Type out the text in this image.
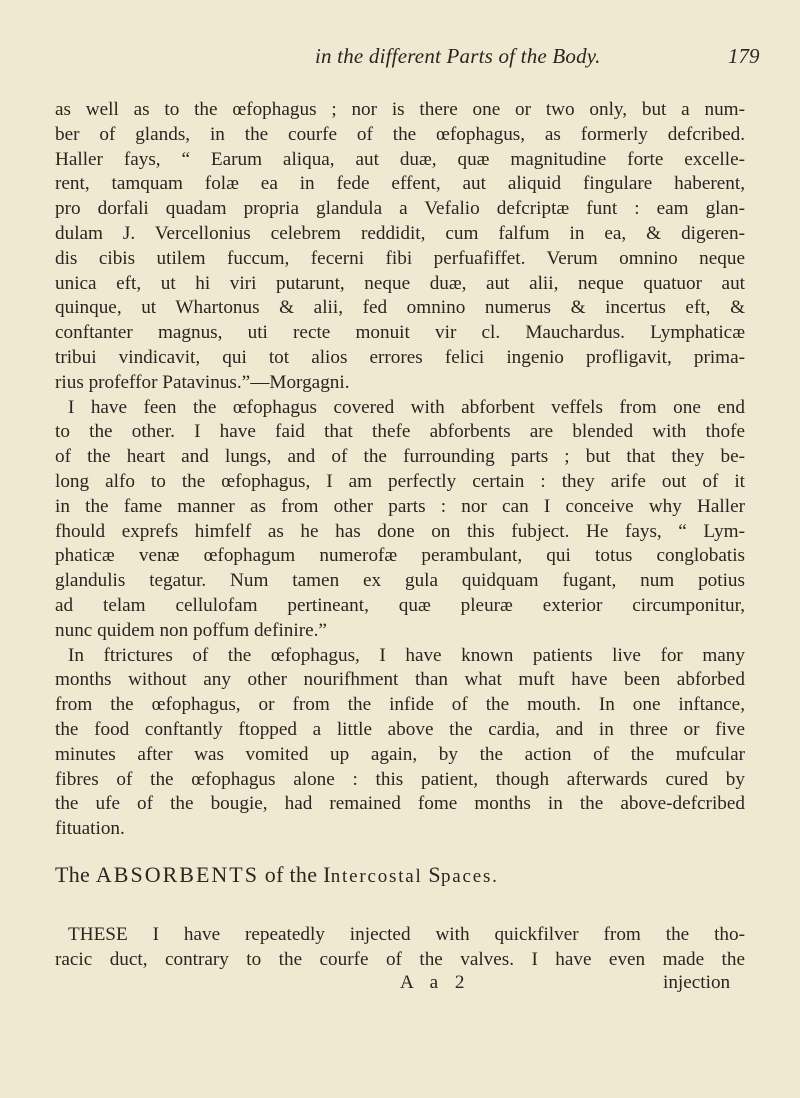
in the different Parts of the Body.	179
as well as to the œfophagus ; nor is there one or two only, but a num-
ber of glands, in the courfe of the œfophagus, as formerly defcribed.
Haller fays, “ Earum aliqua, aut duæ, quæ magnitudine forte excelle-
rent, tamquam folæ ea in fede effent, aut aliquid fingulare haberent,
pro dorfali quadam propria glandula a Vefalio defcriptæ funt : eam glan-
dulam J. Vercellonius celebrem reddidit, cum falfum in ea, & digeren-
dis cibis utilem fuccum, fecerni fibi perfuafiffet. Verum omnino neque
unica eft, ut hi viri putarunt, neque duæ, aut alii, neque quatuor aut
quinque, ut Whartonus & alii, fed omnino numerus & incertus eft, &
conftanter magnus, uti recte monuit vir cl. Mauchardus. Lymphaticæ
tribui vindicavit, qui tot alios errores felici ingenio profligavit, prima-
rius profeffor Patavinus.”—Morgagni.
I have feen the œfophagus covered with abforbent veffels from one end
to the other. I have faid that thefe abforbents are blended with thofe
of the heart and lungs, and of the furrounding parts ; but that they be-
long alfo to the œfophagus, I am perfectly certain : they arife out of it
in the fame manner as from other parts : nor can I conceive why Haller
fhould exprefs himfelf as he has done on this fubject. He fays, “ Lym-
phaticæ venæ œfophagum numerofæ perambulant, qui totus conglobatis
glandulis tegatur. Num tamen ex gula quidquam fugant, num potius
ad telam cellulofam pertineant, quæ pleuræ exterior circumponitur,
nunc quidem non poffum definire.”
In ftrictures of the œfophagus, I have known patients live for many
months without any other nourifhment than what muft have been abforbed
from the œfophagus, or from the infide of the mouth. In one inftance,
the food conftantly ftopped a little above the cardia, and in three or five
minutes after was vomited up again, by the action of the mufcular
fibres of the œfophagus alone : this patient, though afterwards cured by
the ufe of the bougie, had remained fome months in the above-defcribed
fituation.
The ABSORBENTS of the Intercostal Spaces.
THESE I have repeatedly injected with quickfilver from the tho-
racic duct, contrary to the courfe of the valves. I have even made the
A a 2	injection
